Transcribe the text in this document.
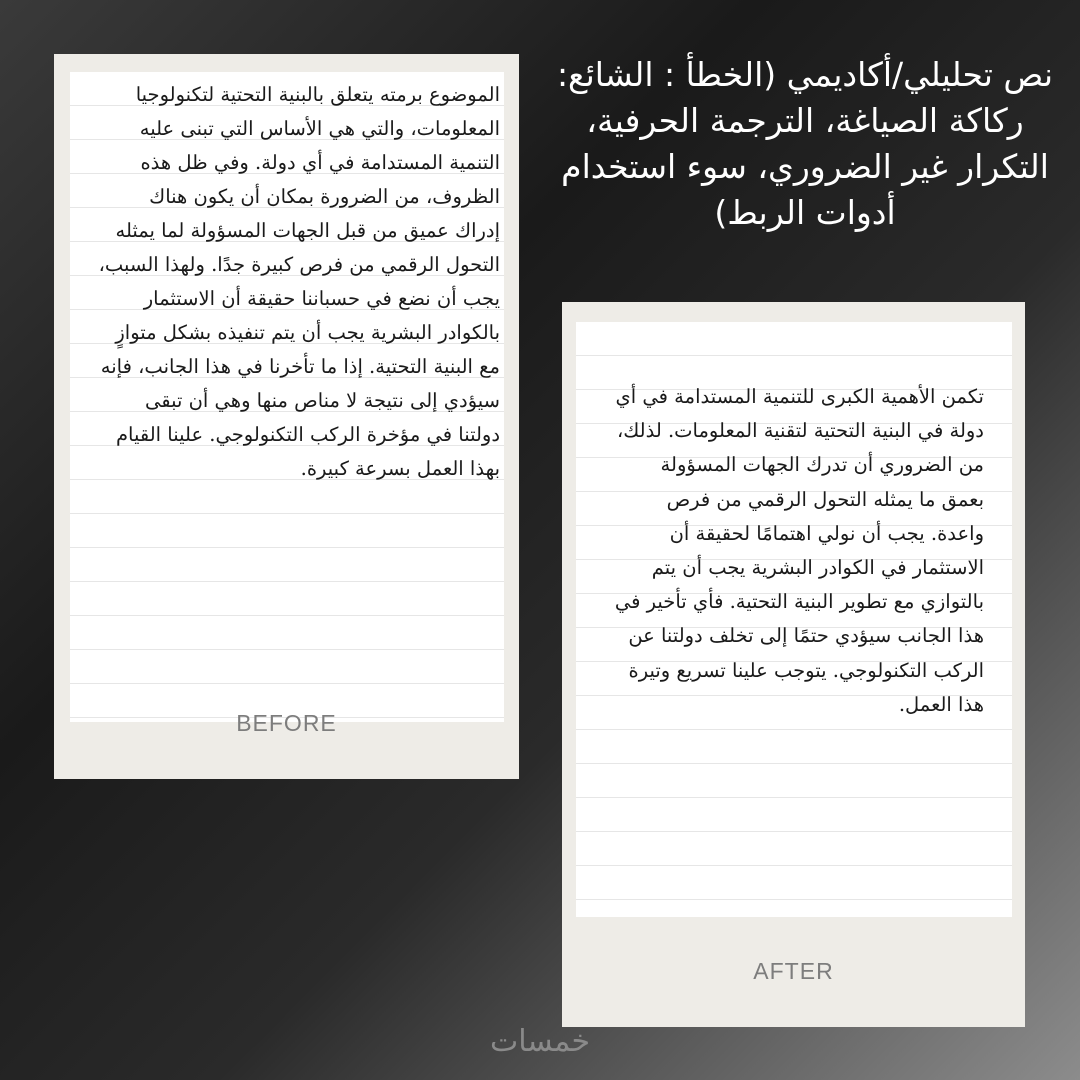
نص تحليلي/أكاديمي (الخطأ : الشائع: ركاكة الصياغة، الترجمة الحرفية، التكرار غير الضروري، سوء استخدام أدوات الربط)
الموضوع برمته يتعلق بالبنية التحتية لتكنولوجيا المعلومات، والتي هي الأساس التي تبنى عليه التنمية المستدامة في أي دولة. وفي ظل هذه الظروف، من الضرورة بمكان أن يكون هناك إدراك عميق من قبل الجهات المسؤولة لما يمثله التحول الرقمي من فرص كبيرة جدًا. ولهذا السبب، يجب أن نضع في حسباننا حقيقة أن الاستثمار بالكوادر البشرية يجب أن يتم تنفيذه بشكل متوازٍ مع البنية التحتية. إذا ما تأخرنا في هذا الجانب، فإنه سيؤدي إلى نتيجة لا مناص منها وهي أن تبقى دولتنا في مؤخرة الركب التكنولوجي. علينا القيام بهذا العمل بسرعة كبيرة.
BEFORE
تكمن الأهمية الكبرى للتنمية المستدامة في أي دولة في البنية التحتية لتقنية المعلومات. لذلك، من الضروري أن تدرك الجهات المسؤولة بعمق ما يمثله التحول الرقمي من فرص واعدة. يجب أن نولي اهتمامًا لحقيقة أن الاستثمار في الكوادر البشرية يجب أن يتم بالتوازي مع تطوير البنية التحتية. فأي تأخير في هذا الجانب سيؤدي حتمًا إلى تخلف دولتنا عن الركب التكنولوجي. يتوجب علينا تسريع وتيرة هذا العمل.
AFTER
خمسات
